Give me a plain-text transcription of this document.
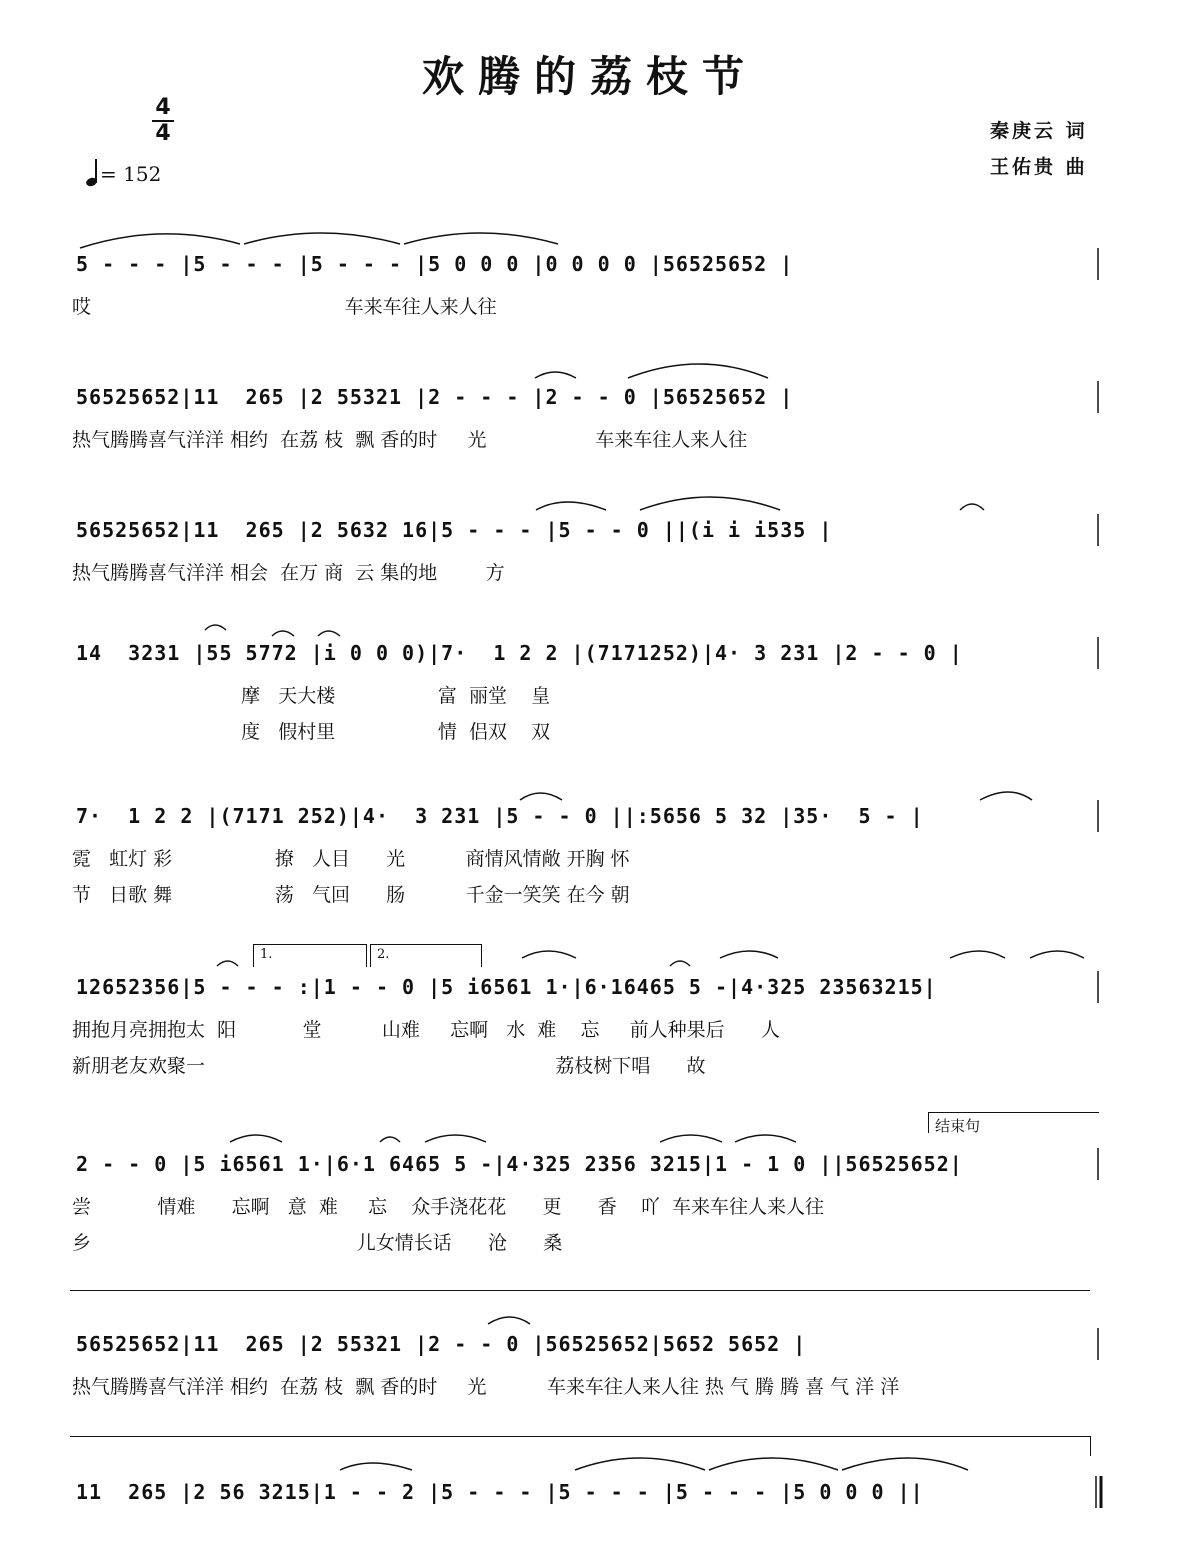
欢腾的荔枝节
4
4
= 152
秦庚云 词
王佑贵 曲
5 - - - |5 - - - |5 - - - |5 0 0 0 |0 0 0 0 |56525652 |
哎                                          车来车往人来人往
56525652|11  265 |2 55321 |2 - - - |2 - - 0 |56525652 |
热气腾腾喜气洋洋 相约  在荔 枝  飘 香的时     光                  车来车往人来人往
56525652|11  265 |2 5632 16|5 - - - |5 - - 0 ||(i i i535 |
热气腾腾喜气洋洋 相会  在万 商  云 集的地        方
14  3231 |55 5772 |i 0 0 0)|7·  1 2 2 |(7171252)|4· 3 231 |2 - - 0 |
摩   天大楼                 富  丽堂    皇
度   假村里                 情  侣双    双
7·  1 2 2 |(7171 252)|4·  3 231 |5 - - 0 ||:5656 5 32 |35·  5 - |
霓   虹灯 彩                 撩   人目      光          商情风情敞 开胸 怀
节   日歌 舞                 荡   气回      肠          千金一笑笑 在今 朝
1.	2.
12652356|5 - - - :|1 - - 0 |5 i6561 1·|6·16465 5 -|4·325 23563215|
拥抱月亮拥抱太  阳           堂          山难     忘啊   水  难    忘     前人种果后      人
新朋老友欢聚一                                                          荔枝树下唱      故
结束句
2 - - 0 |5 i6561 1·|6·1 6465 5 -|4·325 2356 3215|1 - 1 0 ||56525652|
尝           情难      忘啊   意  难     忘    众手浇花花      更      香    吖  车来车往人来人往
乡                                            儿女情长话      沧      桑
56525652|11  265 |2 55321 |2 - - 0 |56525652|5652 5652 |
热气腾腾喜气洋洋 相约  在荔 枝  飘 香的时     光          车来车往人来人往 热 气 腾 腾 喜 气 洋 洋
11  265 |2 56 3215|1 - - 2 |5 - - - |5 - - - |5 - - - |5 0 0 0 ||
